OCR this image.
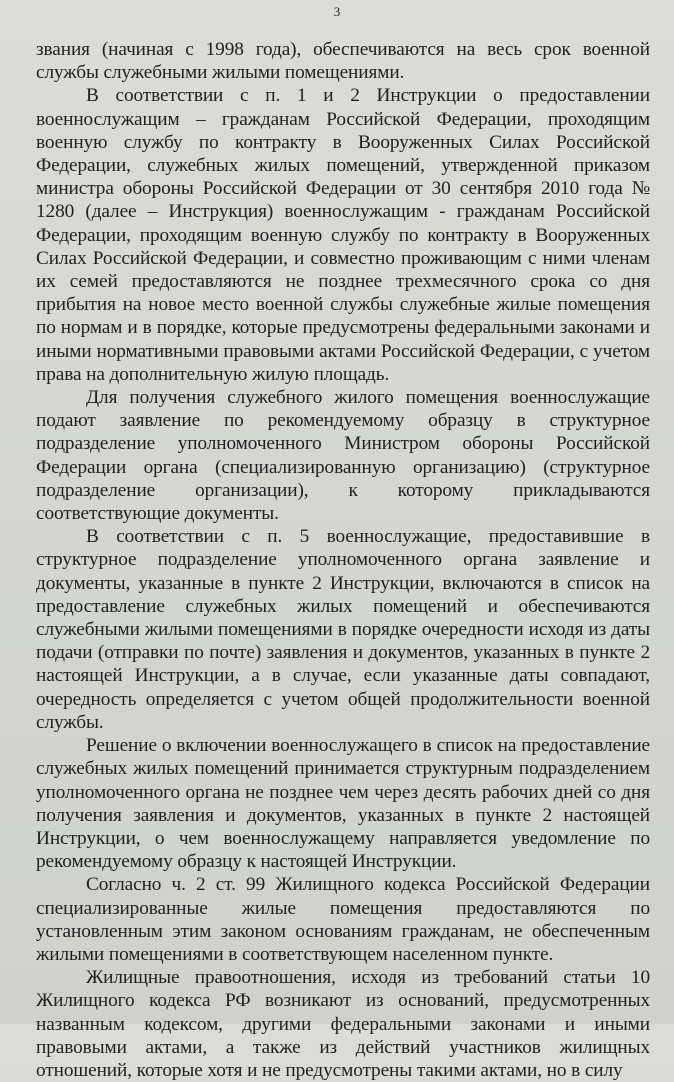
3

звания (начиная с 1998 года), обеспечиваются на весь срок военной службы служебными жилыми помещениями.

В соответствии с п. 1 и 2 Инструкции о предоставлении военнослужащим – гражданам Российской Федерации, проходящим военную службу по контракту в Вооруженных Силах Российской Федерации, служебных жилых помещений, утвержденной приказом министра обороны Российской Федерации от 30 сентября 2010 года № 1280 (далее – Инструкция) военнослужащим - гражданам Российской Федерации, проходящим военную службу по контракту в Вооруженных Силах Российской Федерации, и совместно проживающим с ними членам их семей предоставляются не позднее трехмесячного срока со дня прибытия на новое место военной службы служебные жилые помещения по нормам и в порядке, которые предусмотрены федеральными законами и иными нормативными правовыми актами Российской Федерации, с учетом права на дополнительную жилую площадь.

Для получения служебного жилого помещения военнослужащие подают заявление по рекомендуемому образцу в структурное подразделение уполномоченного Министром обороны Российской Федерации органа (специализированную организацию) (структурное подразделение организации), к которому прикладываются соответствующие документы.

В соответствии с п. 5 военнослужащие, предоставившие в структурное подразделение уполномоченного органа заявление и документы, указанные в пункте 2 Инструкции, включаются в список на предоставление служебных жилых помещений и обеспечиваются служебными жилыми помещениями в порядке очередности исходя из даты подачи (отправки по почте) заявления и документов, указанных в пункте 2 настоящей Инструкции, а в случае, если указанные даты совпадают, очередность определяется с учетом общей продолжительности военной службы.

Решение о включении военнослужащего в список на предоставление служебных жилых помещений принимается структурным подразделением уполномоченного органа не позднее чем через десять рабочих дней со дня получения заявления и документов, указанных в пункте 2 настоящей Инструкции, о чем военнослужащему направляется уведомление по рекомендуемому образцу к настоящей Инструкции.

Согласно ч. 2 ст. 99 Жилищного кодекса Российской Федерации специализированные жилые помещения предоставляются по установленным этим законом основаниям гражданам, не обеспеченным жилыми помещениями в соответствующем населенном пункте.

Жилищные правоотношения, исходя из требований статьи 10 Жилищного кодекса РФ возникают из оснований, предусмотренных названным кодексом, другими федеральными законами и иными правовыми актами, а также из действий участников жилищных отношений, которые хотя и не предусмотрены такими актами, но в силу
